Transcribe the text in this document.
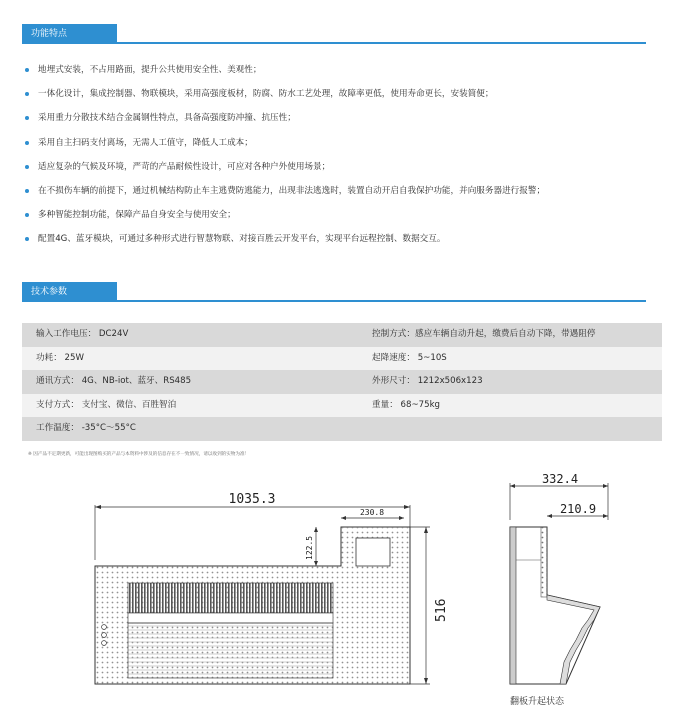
功能特点
地埋式安装，不占用路面，提升公共使用安全性、美观性；
一体化设计，集成控制器、物联模块，采用高强度板材，防腐、防水工艺处理，故障率更低，使用寿命更长，安装简便；
采用重力分散技术结合金属钢性特点，具备高强度防冲撞、抗压性；
采用自主扫码支付离场，无需人工值守，降低人工成本；
适应复杂的气候及环境，严苛的产品耐候性设计，可应对各种户外使用场景；
在不损伤车辆的前提下，通过机械结构防止车主逃费防逃能力，出现非法逃逸时，装置自动开启自我保护功能，并向服务器进行报警；
多种智能控制功能，保障产品自身安全与使用安全；
配置4G、蓝牙模块，可通过多种形式进行智慧物联、对接百胜云开发平台，实现平台远程控制、数据交互。
技术参数
输入工作电压： DC24V	控制方式：感应车辆自动升起，缴费后自动下降，带遇阻停
功耗： 25W	起降速度： 5~10S
通讯方式： 4G、NB-iot、蓝牙、RS485	外形尺寸： 1212x506x123
支付方式： 支付宝、微信、百胜智泊	重量： 68~75kg
工作温度： -35°C～55°C
※ 因产品不定期更新，可能出现图购买的产品与本资料中涉及的信息存在不一致情况，请以收到的实物为准！
1035.3
230.8
122.5
516
332.4
210.9
翻板升起状态
